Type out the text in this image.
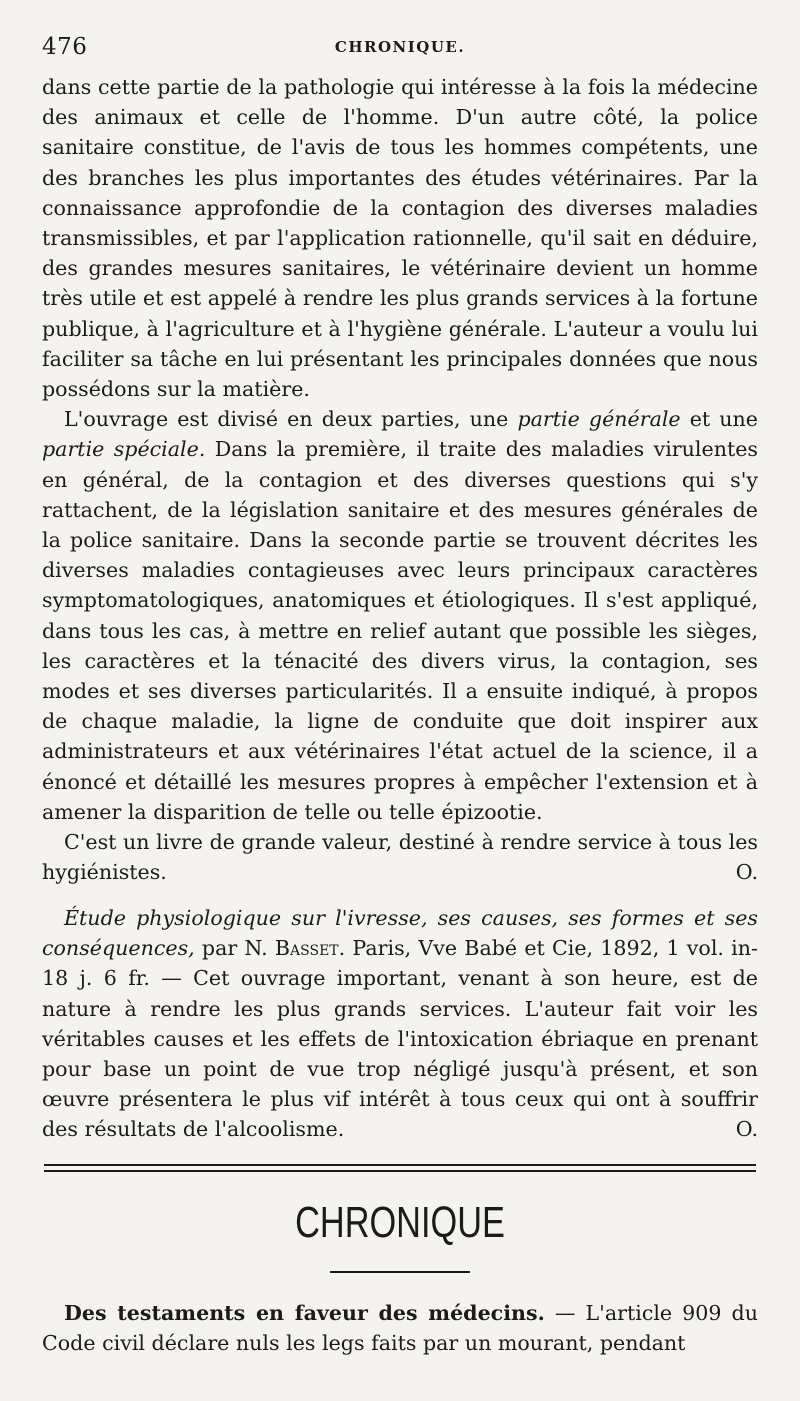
476	CHRONIQUE.

dans cette partie de la pathologie qui intéresse à la fois la médecine des animaux et celle de l'homme. D'un autre côté, la police sanitaire constitue, de l'avis de tous les hommes compétents, une des branches les plus importantes des études vétérinaires. Par la connaissance approfondie de la contagion des diverses maladies transmissibles, et par l'application rationnelle, qu'il sait en déduire, des grandes mesures sanitaires, le vétérinaire devient un homme très utile et est appelé à rendre les plus grands services à la fortune publique, à l'agriculture et à l'hygiène générale. L'auteur a voulu lui faciliter sa tâche en lui présentant les principales données que nous possédons sur la matière.

L'ouvrage est divisé en deux parties, une partie générale et une partie spéciale. Dans la première, il traite des maladies virulentes en général, de la contagion et des diverses questions qui s'y rattachent, de la législation sanitaire et des mesures générales de la police sanitaire. Dans la seconde partie se trouvent décrites les diverses maladies contagieuses avec leurs principaux caractères symptomatologiques, anatomiques et étiologiques. Il s'est appliqué, dans tous les cas, à mettre en relief autant que possible les sièges, les caractères et la ténacité des divers virus, la contagion, ses modes et ses diverses particularités. Il a ensuite indiqué, à propos de chaque maladie, la ligne de conduite que doit inspirer aux administrateurs et aux vétérinaires l'état actuel de la science, il a énoncé et détaillé les mesures propres à empêcher l'extension et à amener la disparition de telle ou telle épizootie.

C'est un livre de grande valeur, destiné à rendre service à tous les hygiénistes.	O.

Étude physiologique sur l'ivresse, ses causes, ses formes et ses conséquences, par N. Basset. Paris, Vve Babé et Cie, 1892, 1 vol. in-18 j. 6 fr. — Cet ouvrage important, venant à son heure, est de nature à rendre les plus grands services. L'auteur fait voir les véritables causes et les effets de l'intoxication ébriaque en prenant pour base un point de vue trop négligé jusqu'à présent, et son œuvre présentera le plus vif intérêt à tous ceux qui ont à souffrir des résultats de l'alcoolisme.	O.

CHRONIQUE

Des testaments en faveur des médecins. — L'article 909 du Code civil déclare nuls les legs faits par un mourant, pendant
